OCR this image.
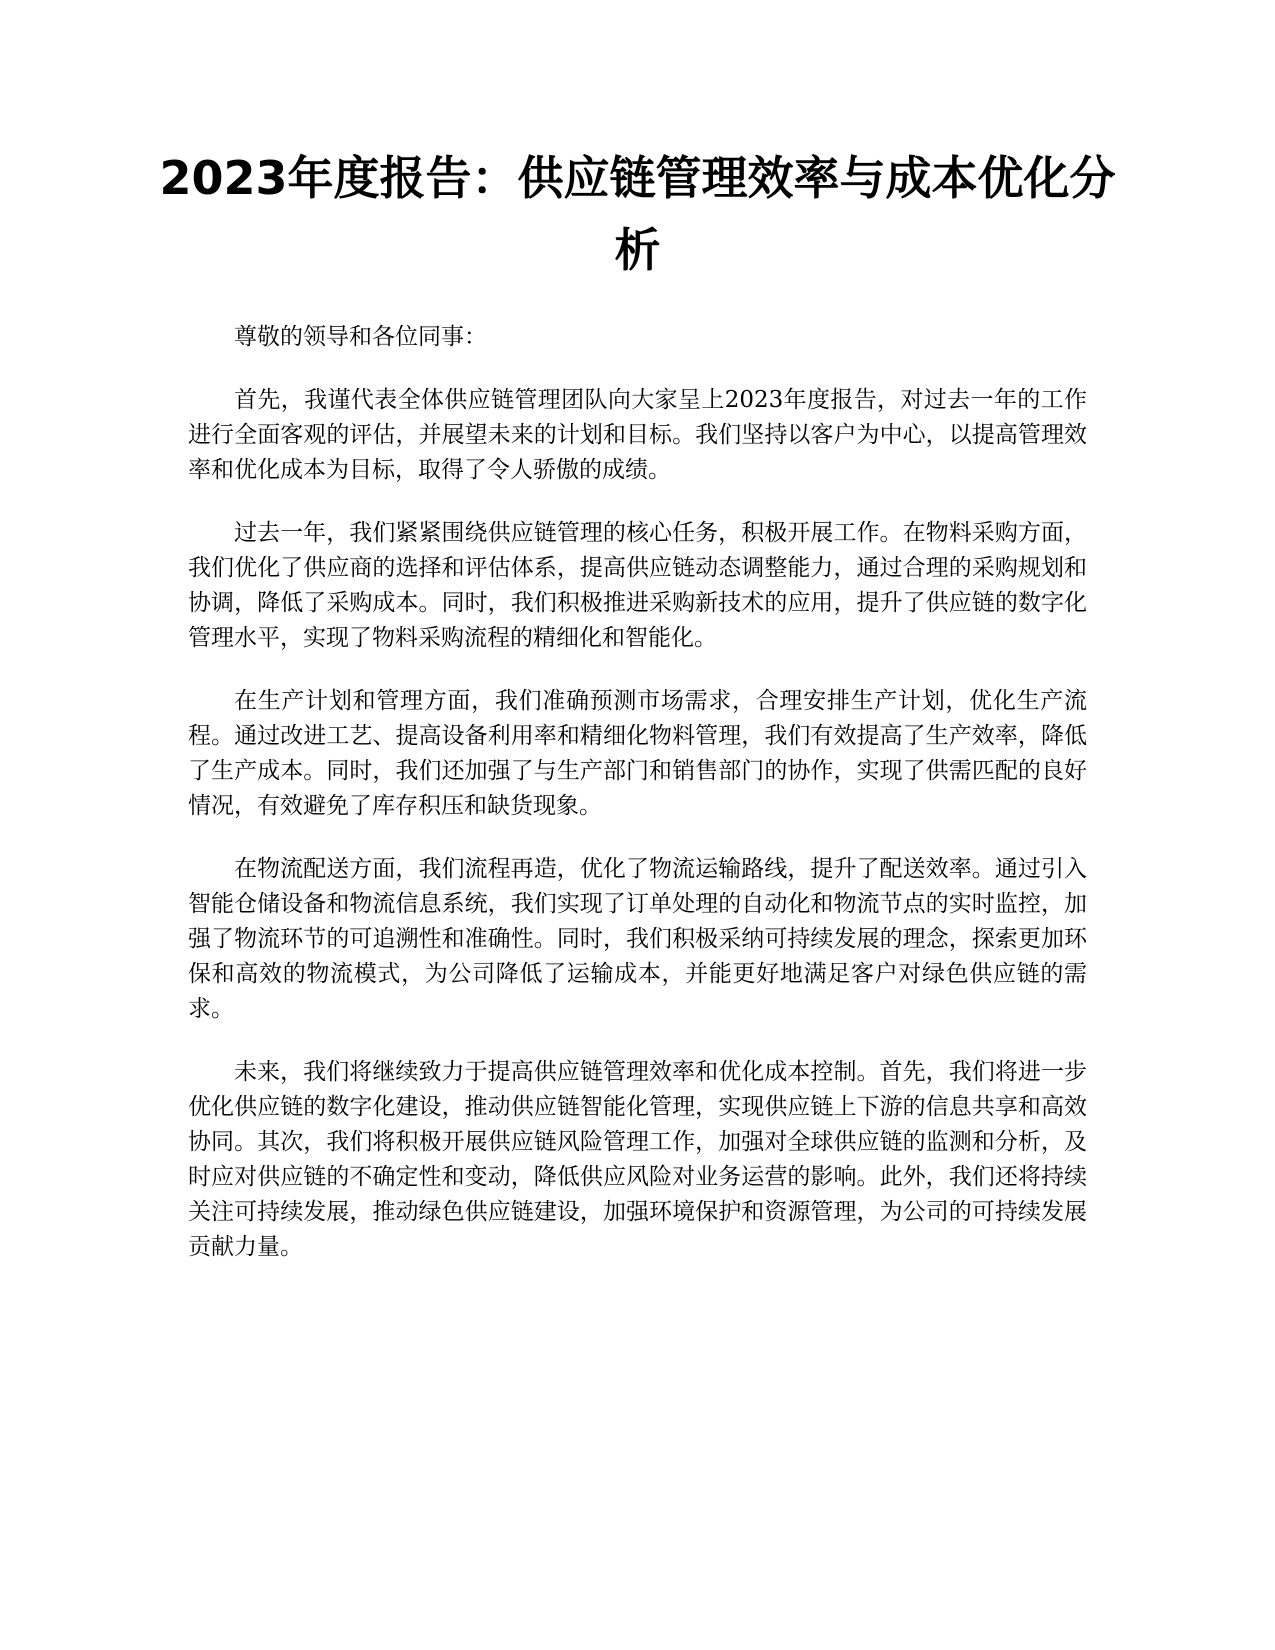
2023年度报告：供应链管理效率与成本优化分析

尊敬的领导和各位同事：

首先，我谨代表全体供应链管理团队向大家呈上2023年度报告，对过去一年的工作进行全面客观的评估，并展望未来的计划和目标。我们坚持以客户为中心，以提高管理效率和优化成本为目标，取得了令人骄傲的成绩。

过去一年，我们紧紧围绕供应链管理的核心任务，积极开展工作。在物料采购方面，我们优化了供应商的选择和评估体系，提高供应链动态调整能力，通过合理的采购规划和协调，降低了采购成本。同时，我们积极推进采购新技术的应用，提升了供应链的数字化管理水平，实现了物料采购流程的精细化和智能化。

在生产计划和管理方面，我们准确预测市场需求，合理安排生产计划，优化生产流程。通过改进工艺、提高设备利用率和精细化物料管理，我们有效提高了生产效率，降低了生产成本。同时，我们还加强了与生产部门和销售部门的协作，实现了供需匹配的良好情况，有效避免了库存积压和缺货现象。

在物流配送方面，我们流程再造，优化了物流运输路线，提升了配送效率。通过引入智能仓储设备和物流信息系统，我们实现了订单处理的自动化和物流节点的实时监控，加强了物流环节的可追溯性和准确性。同时，我们积极采纳可持续发展的理念，探索更加环保和高效的物流模式，为公司降低了运输成本，并能更好地满足客户对绿色供应链的需求。

未来，我们将继续致力于提高供应链管理效率和优化成本控制。首先，我们将进一步优化供应链的数字化建设，推动供应链智能化管理，实现供应链上下游的信息共享和高效协同。其次，我们将积极开展供应链风险管理工作，加强对全球供应链的监测和分析，及时应对供应链的不确定性和变动，降低供应风险对业务运营的影响。此外，我们还将持续关注可持续发展，推动绿色供应链建设，加强环境保护和资源管理，为公司的可持续发展贡献力量。
